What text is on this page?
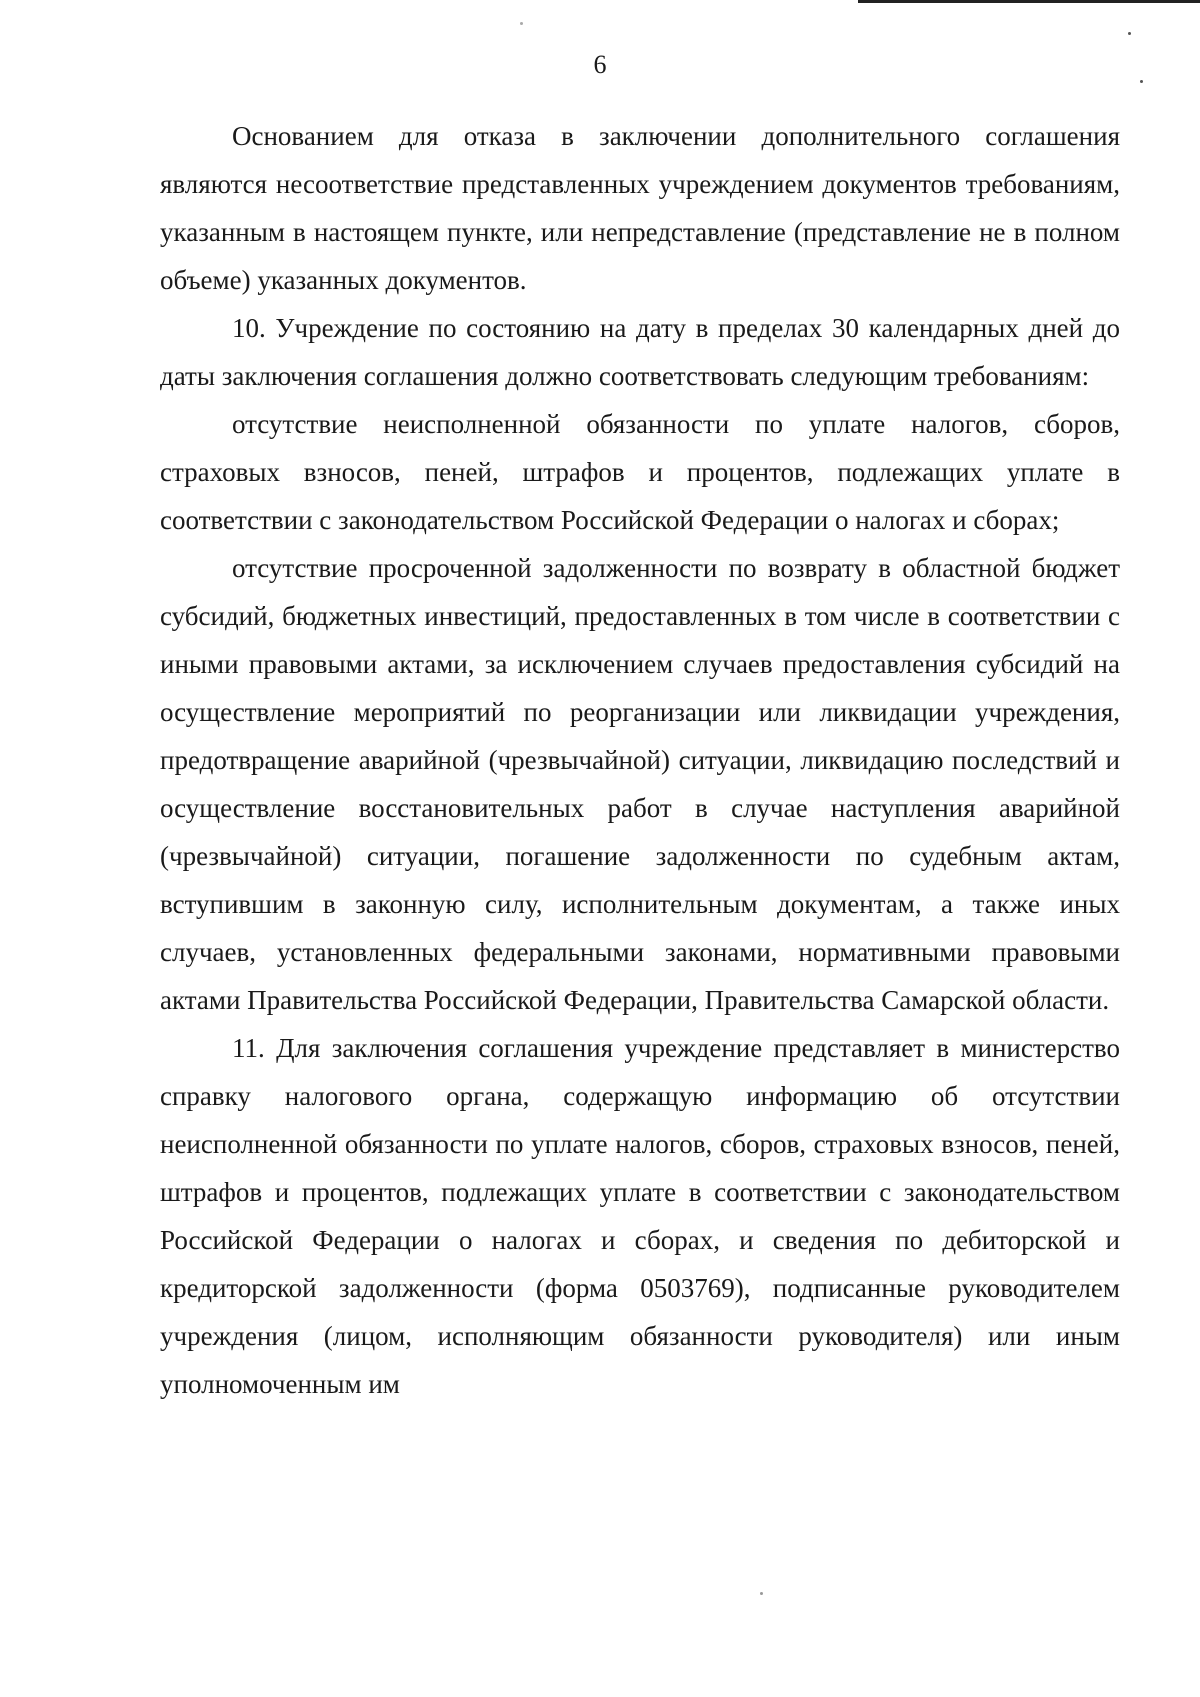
6

Основанием для отказа в заключении дополнительного соглашения являются несоответствие представленных учреждением документов требованиям, указанным в настоящем пункте, или непредставление (представление не в полном объеме) указанных документов.

10. Учреждение по состоянию на дату в пределах 30 календарных дней до даты заключения соглашения должно соответствовать следующим требованиям:

отсутствие неисполненной обязанности по уплате налогов, сборов, страховых взносов, пеней, штрафов и процентов, подлежащих уплате в соответствии с законодательством Российской Федерации о налогах и сборах;

отсутствие просроченной задолженности по возврату в областной бюджет субсидий, бюджетных инвестиций, предоставленных в том числе в соответствии с иными правовыми актами, за исключением случаев предоставления субсидий на осуществление мероприятий по реорганизации или ликвидации учреждения, предотвращение аварийной (чрезвычайной) ситуации, ликвидацию последствий и осуществление восстановительных работ в случае наступления аварийной (чрезвычайной) ситуации, погашение задолженности по судебным актам, вступившим в законную силу, исполнительным документам, а также иных случаев, установленных федеральными законами, нормативными правовыми актами Правительства Российской Федерации, Правительства Самарской области.

11. Для заключения соглашения учреждение представляет в министерство справку налогового органа, содержащую информацию об отсутствии неисполненной обязанности по уплате налогов, сборов, страховых взносов, пеней, штрафов и процентов, подлежащих уплате в соответствии с законодательством Российской Федерации о налогах и сборах, и сведения по дебиторской и кредиторской задолженности (форма 0503769), подписанные руководителем учреждения (лицом, исполняющим обязанности руководителя) или иным уполномоченным им
